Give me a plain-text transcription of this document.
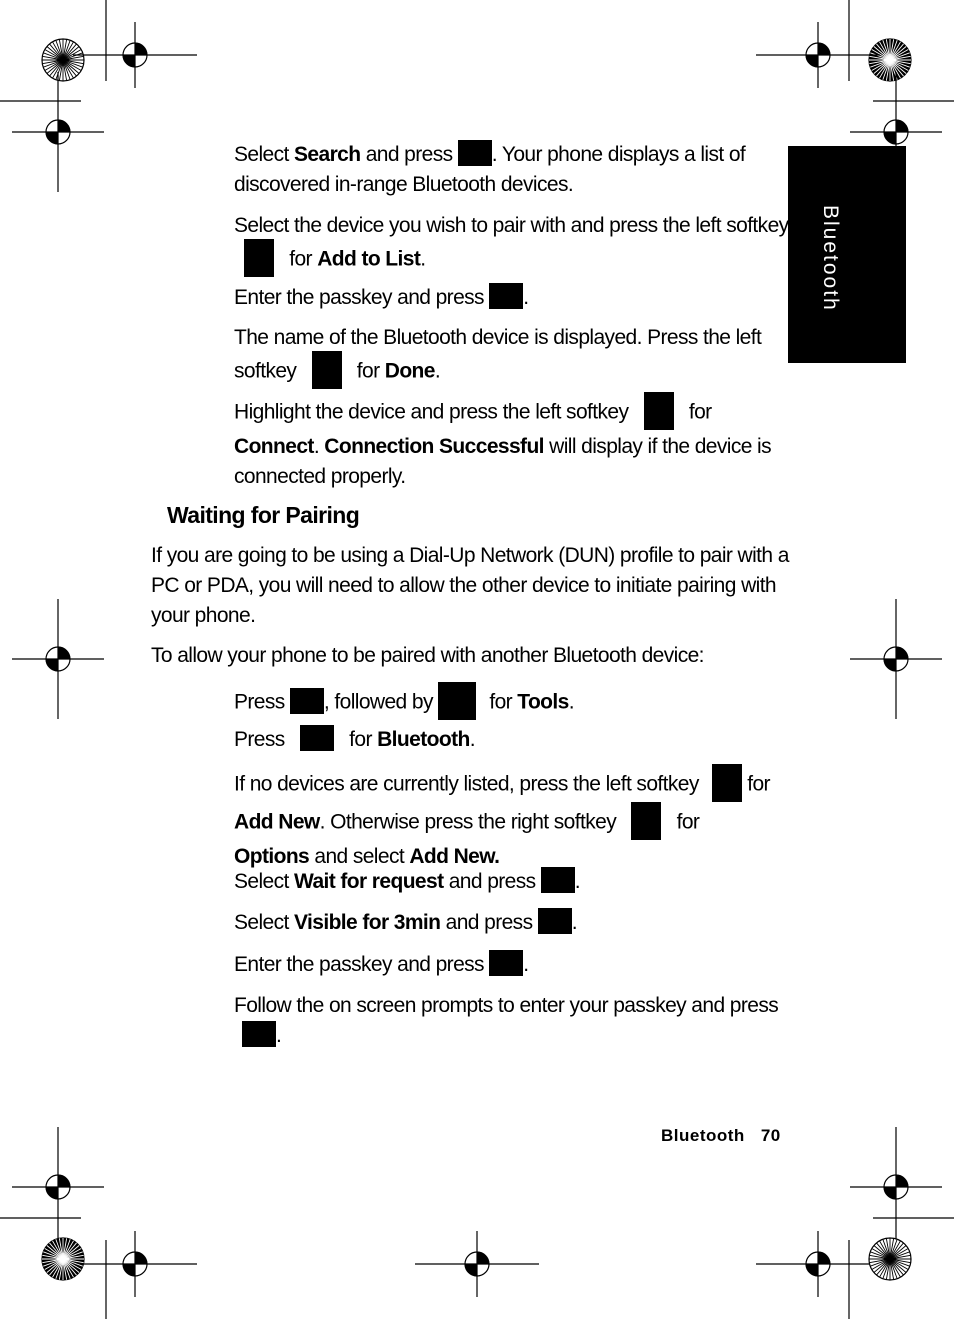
Bluetooth
Select Search and press . Your phone displays a list of discovered in-range Bluetooth devices.
Select the device you wish to pair with and press the left softkey  for Add to List.
Enter the passkey and press .
The name of the Bluetooth device is displayed. Press the left softkey  for Done.
Highlight the device and press the left softkey  for Connect. Connection Successful will display if the device is connected properly.
Waiting for Pairing
If you are going to be using a Dial-Up Network (DUN) profile to pair with a PC or PDA, you will need to allow the other device to initiate pairing with your phone.
To allow your phone to be paired with another Bluetooth device:
Press , followed by  for Tools.
Press	for Bluetooth.
If no devices are currently listed, press the left softkey  for Add New. Otherwise press the right softkey  for Options and select Add New.
Select Wait for request and press .
Select Visible for 3min and press .
Enter the passkey and press .
Follow the on screen prompts to enter your passkey and press .
Bluetooth 70
